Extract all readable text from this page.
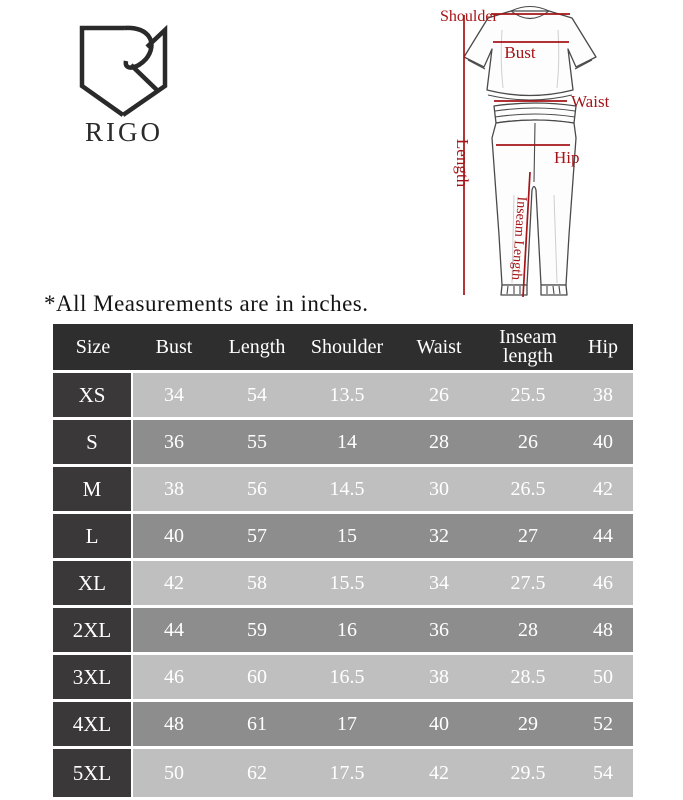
RIGO
Shoulder
Bust
Waist
Hip
Length
Inseam Length
*All Measurements are in inches.
Size	Bust	Length	Shoulder	Waist	Inseam length	Hip
XS	34	54	13.5	26	25.5	38
S	36	55	14	28	26	40
M	38	56	14.5	30	26.5	42
L	40	57	15	32	27	44
XL	42	58	15.5	34	27.5	46
2XL	44	59	16	36	28	48
3XL	46	60	16.5	38	28.5	50
4XL	48	61	17	40	29	52
5XL	50	62	17.5	42	29.5	54
